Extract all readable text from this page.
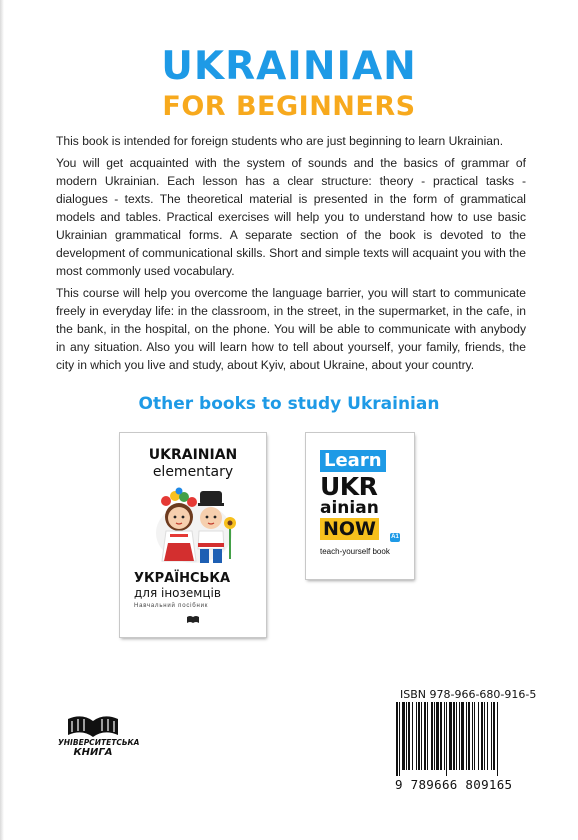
UKRAINIAN
FOR BEGINNERS

This book is intended for foreign students who are just beginning to learn Ukrainian.

You will get acquainted with the system of sounds and the basics of grammar of modern Ukrainian. Each lesson has a clear structure: theory - practical tasks - dialogues - texts. The theoretical material is presented in the form of grammatical models and tables. Practical exercises will help you to understand how to use basic Ukrainian grammatical forms. A separate section of the book is devoted to the development of communicational skills. Short and simple texts will acquaint you with the most commonly used vocabulary.

This course will help you overcome the language barrier, you will start to communicate freely in everyday life: in the classroom, in the street, in the supermarket, in the cafe, in the bank, in the hospital, on the phone. You will be able to communicate with anybody in any situation. Also you will learn how to tell about yourself, your family, friends, the city in which you live and study, about Kyiv, about Ukraine, about your country.

Other books to study Ukrainian
UKRAINIAN
elementary
УКРАЇНСЬКА
для іноземців
Навчальний посібник
Learn
UKR
ainian
NOW	A1
teach-yourself book
УНІВЕРСИТЕТСЬКА
КНИГА
ISBN 978-966-680-916-5
9 789666 809165
